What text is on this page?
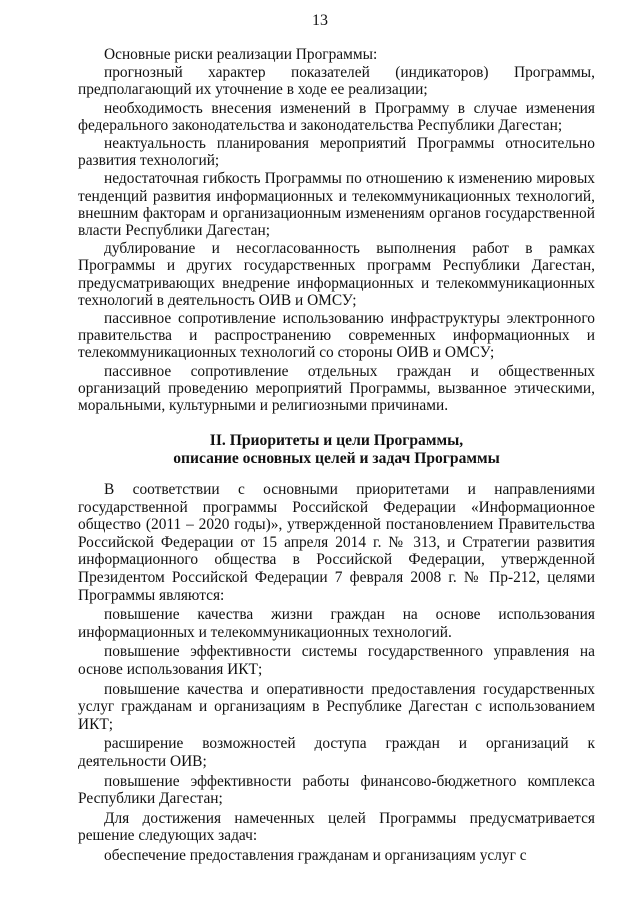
13

Основные риски реализации Программы:

прогнозный характер показателей (индикаторов) Программы, предполагающий их уточнение в ходе ее реализации;

необходимость внесения изменений в Программу в случае изменения федерального законодательства и законодательства Республики Дагестан;

неактуальность планирования мероприятий Программы относительно развития технологий;

недостаточная гибкость Программы по отношению к изменению мировых тенденций развития информационных и телекоммуникационных технологий, внешним факторам и организационным изменениям органов государственной власти Республики Дагестан;

дублирование и несогласованность выполнения работ в рамках Программы и других государственных программ Республики Дагестан, предусматривающих внедрение информационных и телекоммуникационных технологий в деятельность ОИВ и ОМСУ;

пассивное сопротивление использованию инфраструктуры электронного правительства и распространению современных информационных и телекоммуникационных технологий со стороны ОИВ и ОМСУ;

пассивное сопротивление отдельных граждан и общественных организаций проведению мероприятий Программы, вызванное этическими, моральными, культурными и религиозными причинами.

II. Приоритеты и цели Программы,
описание основных целей и задач Программы

В соответствии с основными приоритетами и направлениями государственной программы Российской Федерации «Информационное общество (2011 – 2020 годы)», утвержденной постановлением Правительства Российской Федерации от 15 апреля 2014 г. № 313, и Стратегии развития информационного общества в Российской Федерации, утвержденной Президентом Российской Федерации 7 февраля 2008 г. № Пр-212, целями Программы являются:

повышение качества жизни граждан на основе использования информационных и телекоммуникационных технологий.

повышение эффективности системы государственного управления на основе использования ИКТ;

повышение качества и оперативности предоставления государственных услуг гражданам и организациям в Республике Дагестан с использованием ИКТ;

расширение возможностей доступа граждан и организаций к деятельности ОИВ;

повышение эффективности работы финансово-бюджетного комплекса Республики Дагестан;

Для достижения намеченных целей Программы предусматривается решение следующих задач:

обеспечение предоставления гражданам и организациям услуг с
